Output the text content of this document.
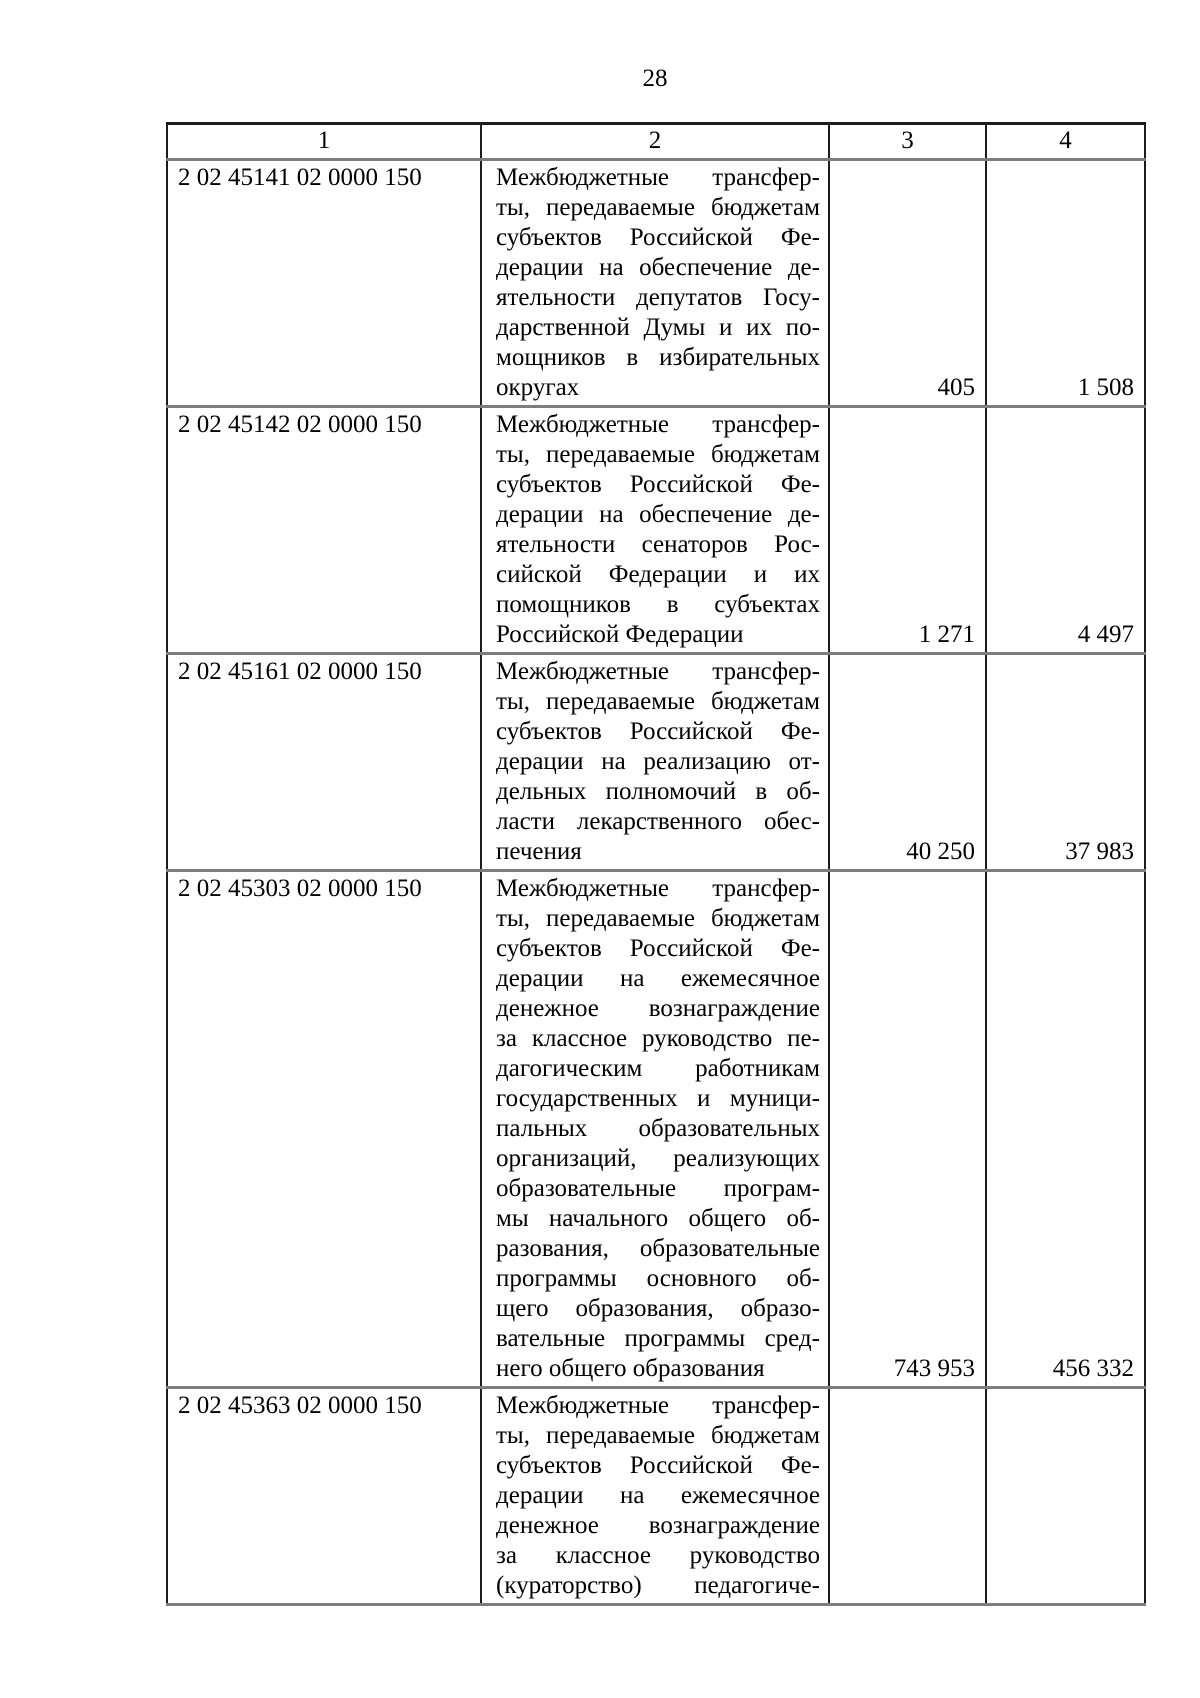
28
1	2	3	4
2 02 45141 02 0000 150	Межбюджетные трансфер-
ты, передаваемые бюджетам
субъектов Российской Фе-
дерации на обеспечение де-
ятельности депутатов Госу-
дарственной Думы и их по-
мощников в избирательных
округах	405	1 508
2 02 45142 02 0000 150	Межбюджетные трансфер-
ты, передаваемые бюджетам
субъектов Российской Фе-
дерации на обеспечение де-
ятельности сенаторов Рос-
сийской Федерации и их
помощников в субъектах
Российской Федерации	1 271	4 497
2 02 45161 02 0000 150	Межбюджетные трансфер-
ты, передаваемые бюджетам
субъектов Российской Фе-
дерации на реализацию от-
дельных полномочий в об-
ласти лекарственного обес-
печения	40 250	37 983
2 02 45303 02 0000 150	Межбюджетные трансфер-
ты, передаваемые бюджетам
субъектов Российской Фе-
дерации на ежемесячное
денежное вознаграждение
за классное руководство пе-
дагогическим работникам
государственных и муници-
пальных образовательных
организаций, реализующих
образовательные програм-
мы начального общего об-
разования, образовательные
программы основного об-
щего образования, образо-
вательные программы сред-
него общего образования	743 953	456 332
2 02 45363 02 0000 150	Межбюджетные трансфер-
ты, передаваемые бюджетам
субъектов Российской Фе-
дерации на ежемесячное
денежное вознаграждение
за классное руководство
(кураторство) педагогиче-
